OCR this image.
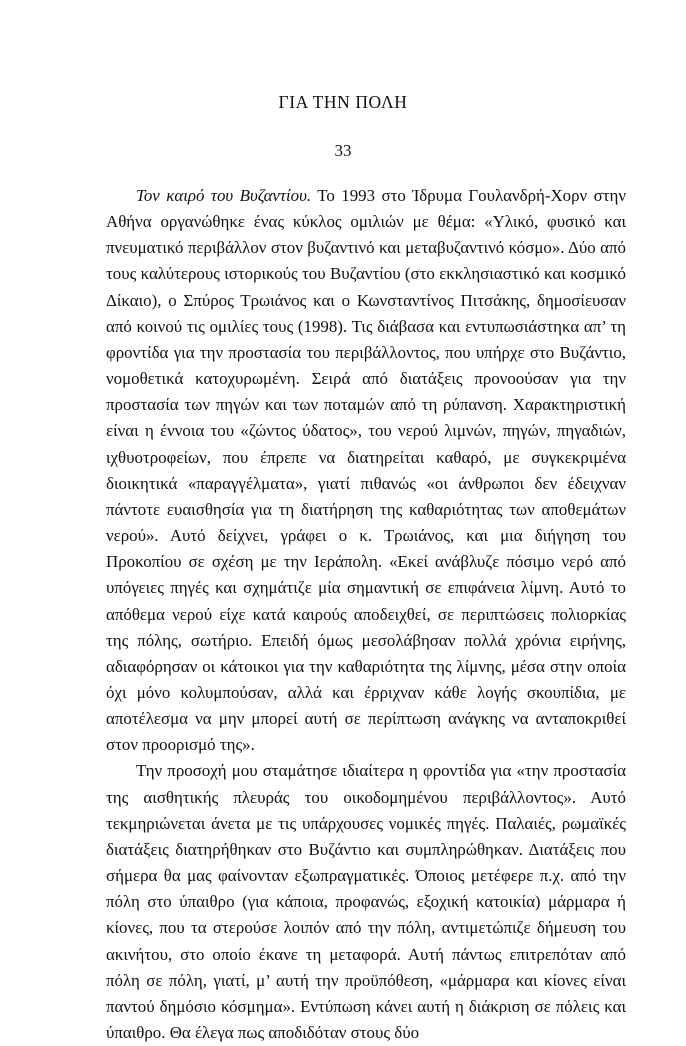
ΓΙΑ ΤΗΝ ΠΟΛΗ
33

Τον καιρό του Βυζαντίου. Το 1993 στο Ίδρυμα Γουλανδρή-Χορν στην Αθήνα οργανώθηκε ένας κύκλος ομιλιών με θέμα: «Υλικό, φυσικό και πνευματικό περιβάλλον στον βυζαντινό και μεταβυζαντινό κόσμο». Δύο από τους καλύτερους ιστορικούς του Βυζαντίου (στο εκκλησιαστικό και κοσμικό Δίκαιο), ο Σπύρος Τρωιάνος και ο Κωνσταντίνος Πιτσάκης, δημοσίευσαν από κοινού τις ομιλίες τους (1998). Τις διάβασα και εντυπωσιάστηκα απ’ τη φροντίδα για την προστασία του περιβάλλοντος, που υπήρχε στο Βυζάντιο, νομοθετικά κατοχυρωμένη. Σειρά από διατάξεις προνοούσαν για την προστασία των πηγών και των ποταμών από τη ρύπανση. Χαρακτηριστική είναι η έννοια του «ζώντος ύδατος», του νερού λιμνών, πηγών, πηγαδιών, ιχθυοτροφείων, που έπρεπε να διατηρείται καθαρό, με συγκεκριμένα διοικητικά «παραγγέλματα», γιατί πιθανώς «οι άνθρωποι δεν έδειχναν πάντοτε ευαισθησία για τη διατήρηση της καθαριότητας των αποθεμάτων νερού». Αυτό δείχνει, γράφει ο κ. Τρωιάνος, και μια διήγηση του Προκοπίου σε σχέση με την Ιεράπολη. «Εκεί ανάβλυζε πόσιμο νερό από υπόγειες πηγές και σχημάτιζε μία σημαντική σε επιφάνεια λίμνη. Αυτό το απόθεμα νερού είχε κατά καιρούς αποδειχθεί, σε περιπτώσεις πολιορκίας της πόλης, σωτήριο. Επειδή όμως μεσολάβησαν πολλά χρόνια ειρήνης, αδιαφόρησαν οι κάτοικοι για την καθαριότητα της λίμνης, μέσα στην οποία όχι μόνο κολυμπούσαν, αλλά και έρριχναν κάθε λογής σκουπίδια, με αποτέλεσμα να μην μπορεί αυτή σε περίπτωση ανάγκης να ανταποκριθεί στον προορισμό της».

Την προσοχή μου σταμάτησε ιδιαίτερα η φροντίδα για «την προστασία της αισθητικής πλευράς του οικοδομημένου περιβάλλοντος». Αυτό τεκμηριώνεται άνετα με τις υπάρχουσες νομικές πηγές. Παλαιές, ρωμαϊκές διατάξεις διατηρήθηκαν στο Βυζάντιο και συμπληρώθηκαν. Διατάξεις που σήμερα θα μας φαίνονταν εξωπραγματικές. Όποιος μετέφερε π.χ. από την πόλη στο ύπαιθρο (για κάποια, προφανώς, εξοχική κατοικία) μάρμαρα ή κίονες, που τα στερούσε λοιπόν από την πόλη, αντιμετώπιζε δήμευση του ακινήτου, στο οποίο έκανε τη μεταφορά. Αυτή πάντως επιτρεπόταν από πόλη σε πόλη, γιατί, μ’ αυτή την προϋπόθεση, «μάρμαρα και κίονες είναι παντού δημόσιο κόσμημα». Εντύπωση κάνει αυτή η διάκριση σε πόλεις και ύπαιθρο. Θα έλεγα πως αποδιδόταν στους δύο
